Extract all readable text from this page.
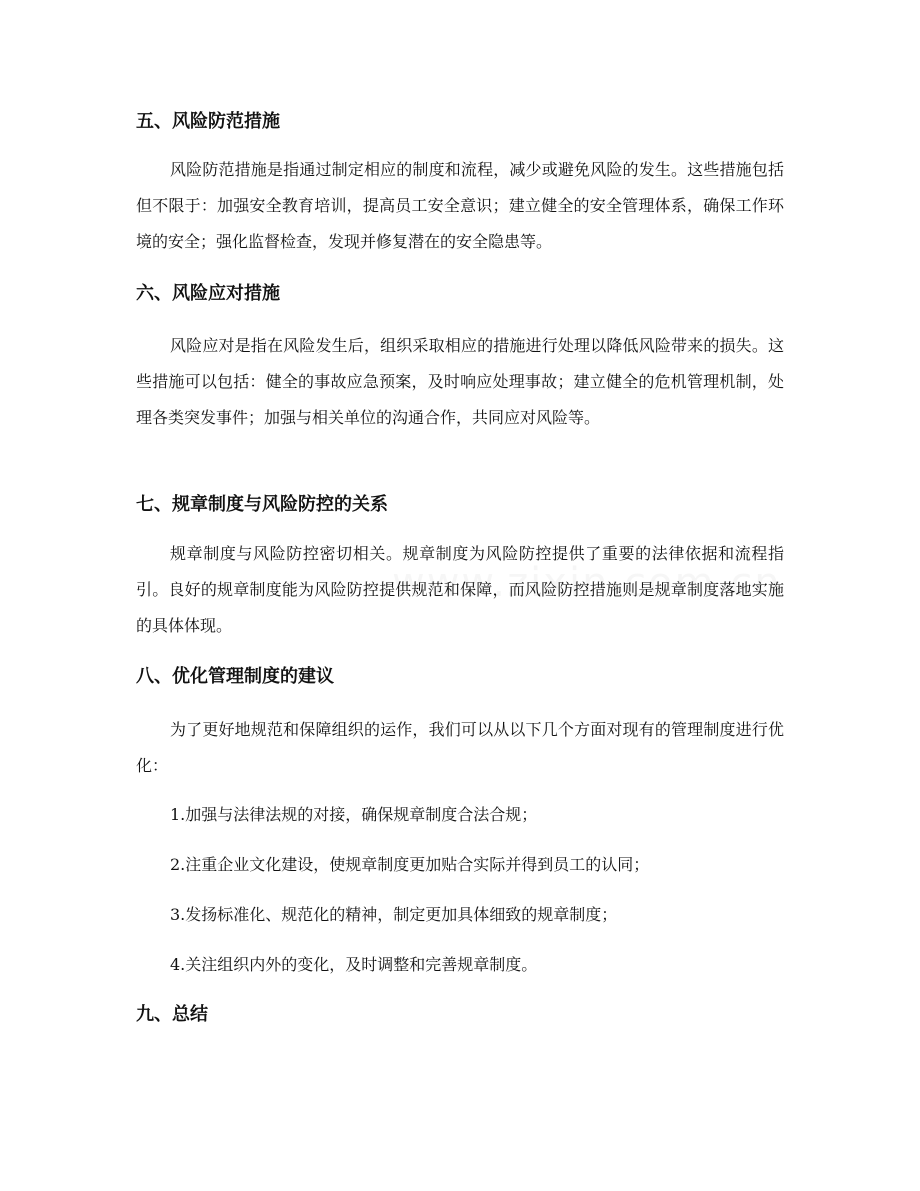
五、风险防范措施

风险防范措施是指通过制定相应的制度和流程，减少或避免风险的发生。这些措施包括但不限于：加强安全教育培训，提高员工安全意识；建立健全的安全管理体系，确保工作环境的安全；强化监督检查，发现并修复潜在的安全隐患等。

六、风险应对措施

风险应对是指在风险发生后，组织采取相应的措施进行处理以降低风险带来的损失。这些措施可以包括：健全的事故应急预案，及时响应处理事故；建立健全的危机管理机制，处理各类突发事件；加强与相关单位的沟通合作，共同应对风险等。

七、规章制度与风险防控的关系

规章制度与风险防控密切相关。规章制度为风险防控提供了重要的法律依据和流程指引。良好的规章制度能为风险防控提供规范和保障，而风险防控措施则是规章制度落地实施的具体体现。

八、优化管理制度的建议

为了更好地规范和保障组织的运作，我们可以从以下几个方面对现有的管理制度进行优化：

1.加强与法律法规的对接，确保规章制度合法合规；

2.注重企业文化建设，使规章制度更加贴合实际并得到员工的认同；

3.发扬标准化、规范化的精神，制定更加具体细致的规章制度；

4.关注组织内外的变化，及时调整和完善规章制度。

九、总结
